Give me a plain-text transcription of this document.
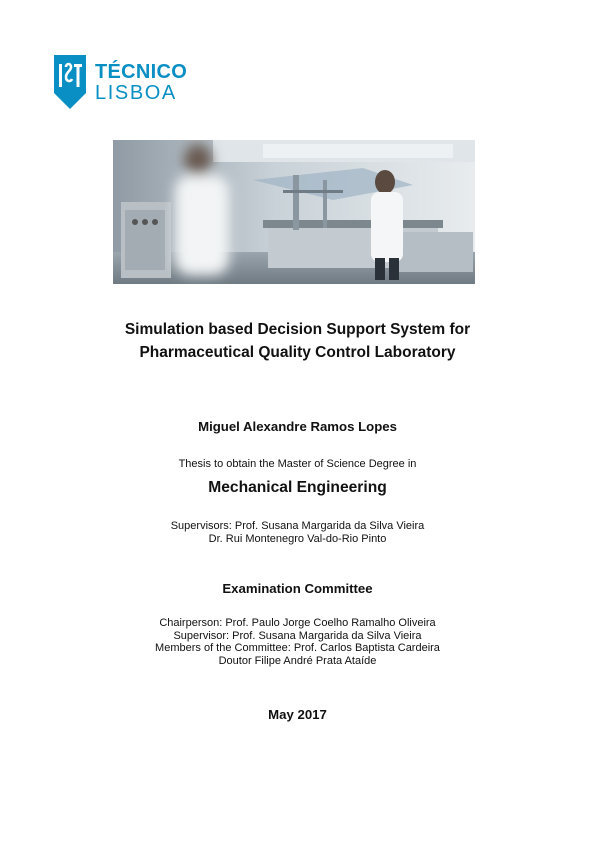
TÉCNICO
LISBOA
Simulation based Decision Support System for
Pharmaceutical Quality Control Laboratory
Miguel Alexandre Ramos Lopes
Thesis to obtain the Master of Science Degree in
Mechanical Engineering
Supervisors: Prof. Susana Margarida da Silva Vieira
Dr. Rui Montenegro Val-do-Rio Pinto
Examination Committee
Chairperson: Prof. Paulo Jorge Coelho Ramalho Oliveira
Supervisor: Prof. Susana Margarida da Silva Vieira
Members of the Committee: Prof. Carlos Baptista Cardeira
Doutor Filipe André Prata Ataíde
May 2017
